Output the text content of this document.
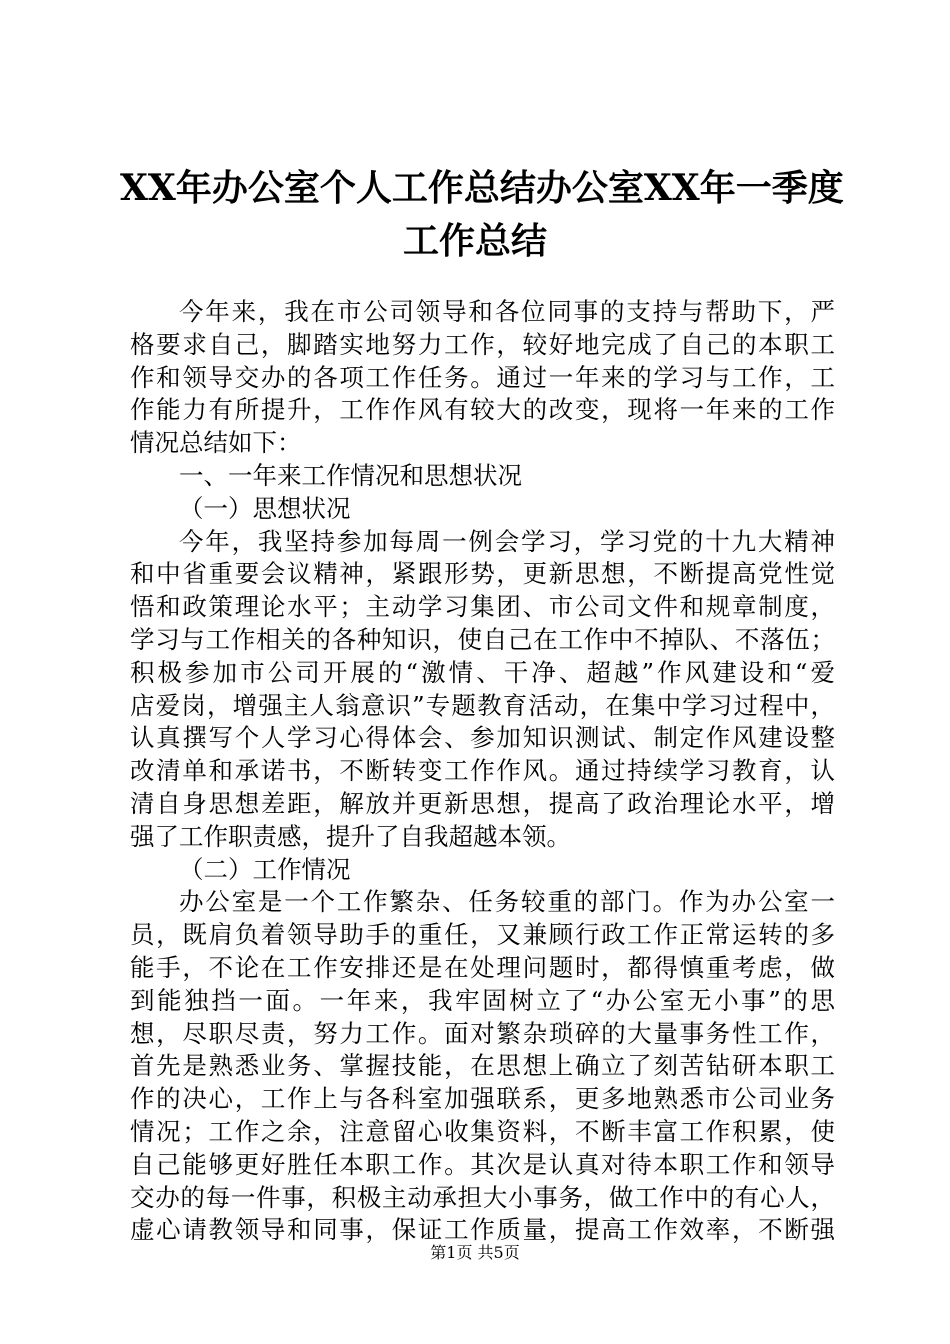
XX年办公室个人工作总结办公室XX年一季度
工作总结
今年来，我在市公司领导和各位同事的支持与帮助下，严
格要求自己，脚踏实地努力工作，较好地完成了自己的本职工
作和领导交办的各项工作任务。通过一年来的学习与工作，工
作能力有所提升，工作作风有较大的改变，现将一年来的工作
情况总结如下：
一、一年来工作情况和思想状况
（一）思想状况
今年，我坚持参加每周一例会学习，学习党的十九大精神
和中省重要会议精神，紧跟形势，更新思想，不断提高党性觉
悟和政策理论水平；主动学习集团、市公司文件和规章制度，
学习与工作相关的各种知识，使自己在工作中不掉队、不落伍；
积极参加市公司开展的“激情、干净、超越”作风建设和“爱
店爱岗，增强主人翁意识”专题教育活动，在集中学习过程中，
认真撰写个人学习心得体会、参加知识测试、制定作风建设整
改清单和承诺书，不断转变工作作风。通过持续学习教育，认
清自身思想差距，解放并更新思想，提高了政治理论水平，增
强了工作职责感，提升了自我超越本领。
（二）工作情况
办公室是一个工作繁杂、任务较重的部门。作为办公室一
员，既肩负着领导助手的重任，又兼顾行政工作正常运转的多
能手，不论在工作安排还是在处理问题时，都得慎重考虑，做
到能独挡一面。一年来，我牢固树立了“办公室无小事”的思
想，尽职尽责，努力工作。面对繁杂琐碎的大量事务性工作，
首先是熟悉业务、掌握技能，在思想上确立了刻苦钻研本职工
作的决心，工作上与各科室加强联系，更多地熟悉市公司业务
情况；工作之余，注意留心收集资料，不断丰富工作积累，使
自己能够更好胜任本职工作。其次是认真对待本职工作和领导
交办的每一件事，积极主动承担大小事务，做工作中的有心人，
虚心请教领导和同事，保证工作质量，提高工作效率，不断强
第1页 共5页
